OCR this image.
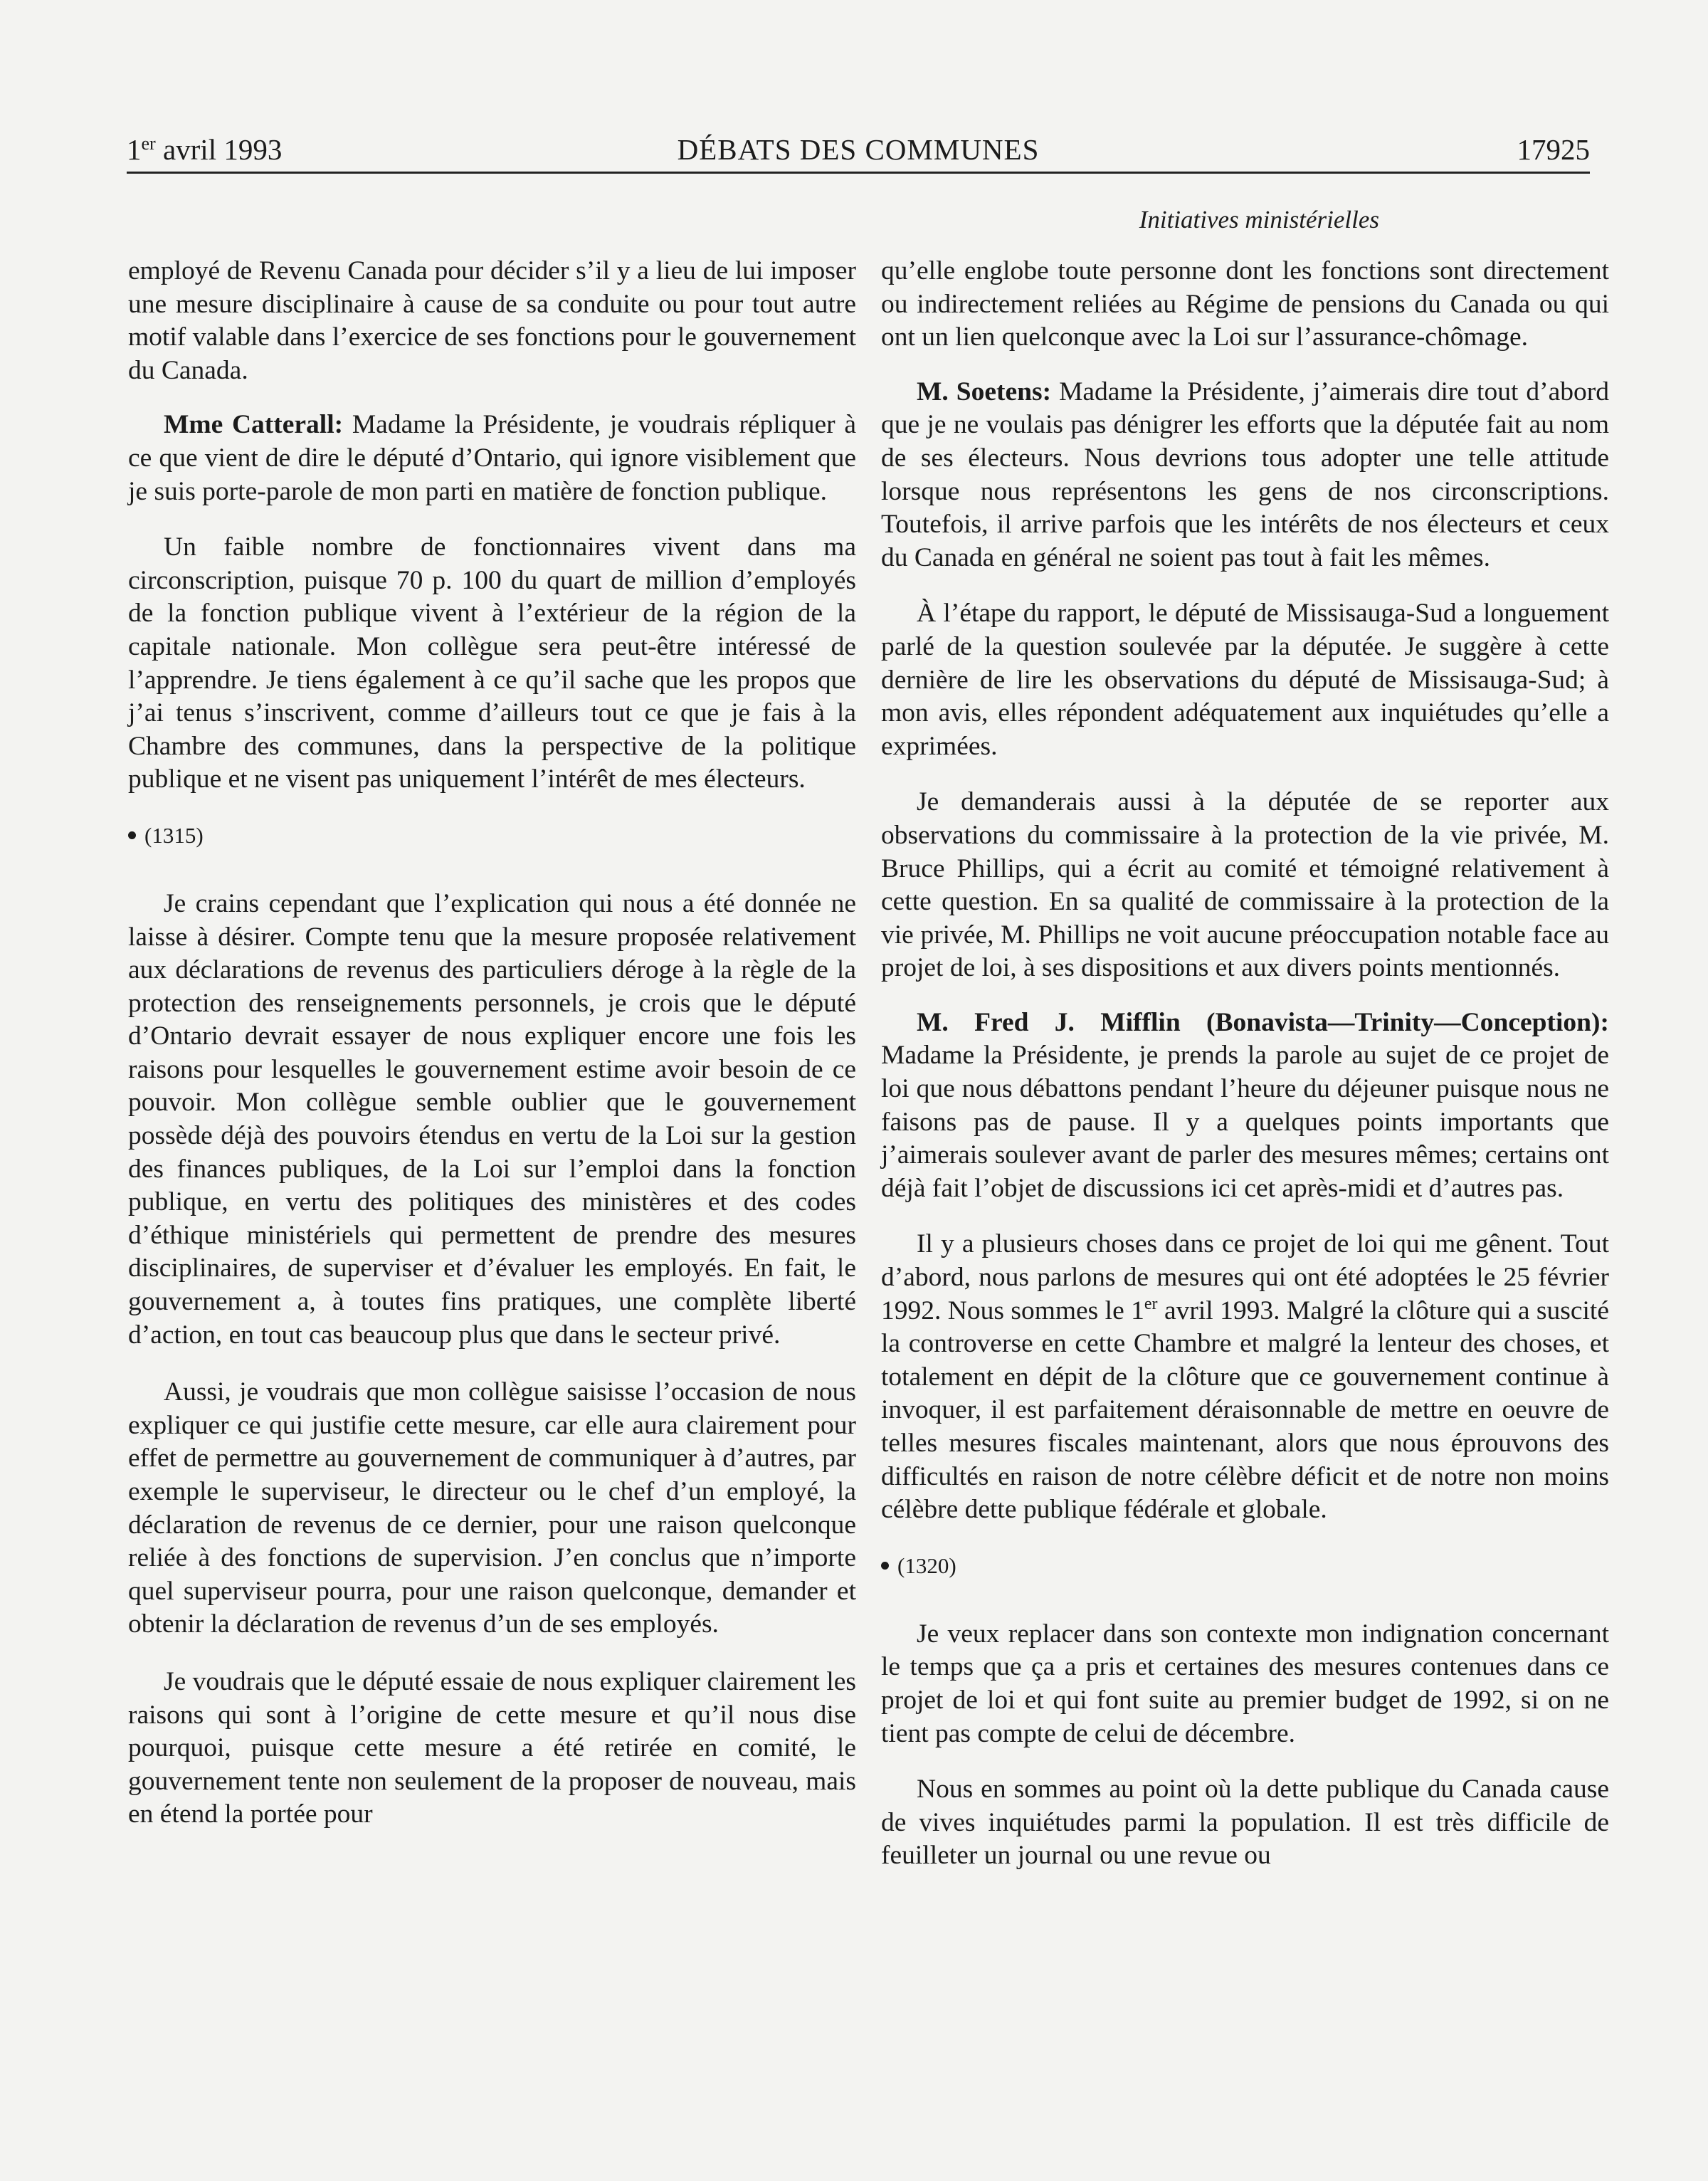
1er avril 1993	DÉBATS DES COMMUNES	17925
Initiatives ministérielles

employé de Revenu Canada pour décider s’il y a lieu de lui imposer une mesure disciplinaire à cause de sa conduite ou pour tout autre motif valable dans l’exercice de ses fonctions pour le gouvernement du Canada.

Mme Catterall: Madame la Présidente, je voudrais répliquer à ce que vient de dire le député d’Ontario, qui ignore visiblement que je suis porte-parole de mon parti en matière de fonction publique.

Un faible nombre de fonctionnaires vivent dans ma circonscription, puisque 70 p. 100 du quart de million d’employés de la fonction publique vivent à l’extérieur de la région de la capitale nationale. Mon collègue sera peut-être intéressé de l’apprendre. Je tiens également à ce qu’il sache que les propos que j’ai tenus s’inscrivent, comme d’ailleurs tout ce que je fais à la Chambre des communes, dans la perspective de la politique publique et ne visent pas uniquement l’intérêt de mes électeurs.

(1315)

Je crains cependant que l’explication qui nous a été donnée ne laisse à désirer. Compte tenu que la mesure proposée relativement aux déclarations de revenus des particuliers déroge à la règle de la protection des renseignements personnels, je crois que le député d’Ontario devrait essayer de nous expliquer encore une fois les raisons pour lesquelles le gouvernement estime avoir besoin de ce pouvoir. Mon collègue semble oublier que le gouvernement possède déjà des pouvoirs étendus en vertu de la Loi sur la gestion des finances publiques, de la Loi sur l’emploi dans la fonction publique, en vertu des politiques des ministères et des codes d’éthique ministériels qui permettent de prendre des mesures disciplinaires, de superviser et d’évaluer les employés. En fait, le gouvernement a, à toutes fins pratiques, une complète liberté d’action, en tout cas beaucoup plus que dans le secteur privé.

Aussi, je voudrais que mon collègue saisisse l’occasion de nous expliquer ce qui justifie cette mesure, car elle aura clairement pour effet de permettre au gouvernement de communiquer à d’autres, par exemple le superviseur, le directeur ou le chef d’un employé, la déclaration de revenus de ce dernier, pour une raison quelconque reliée à des fonctions de supervision. J’en conclus que n’importe quel superviseur pourra, pour une raison quelconque, demander et obtenir la déclaration de revenus d’un de ses employés.

Je voudrais que le député essaie de nous expliquer clairement les raisons qui sont à l’origine de cette mesure et qu’il nous dise pourquoi, puisque cette mesure a été retirée en comité, le gouvernement tente non seulement de la proposer de nouveau, mais en étend la portée pour

qu’elle englobe toute personne dont les fonctions sont directement ou indirectement reliées au Régime de pensions du Canada ou qui ont un lien quelconque avec la Loi sur l’assurance-chômage.

M. Soetens: Madame la Présidente, j’aimerais dire tout d’abord que je ne voulais pas dénigrer les efforts que la députée fait au nom de ses électeurs. Nous devrions tous adopter une telle attitude lorsque nous représentons les gens de nos circonscriptions. Toutefois, il arrive parfois que les intérêts de nos électeurs et ceux du Canada en général ne soient pas tout à fait les mêmes.

À l’étape du rapport, le député de Missisauga-Sud a longuement parlé de la question soulevée par la députée. Je suggère à cette dernière de lire les observations du député de Missisauga-Sud; à mon avis, elles répondent adéquatement aux inquiétudes qu’elle a exprimées.

Je demanderais aussi à la députée de se reporter aux observations du commissaire à la protection de la vie privée, M. Bruce Phillips, qui a écrit au comité et témoigné relativement à cette question. En sa qualité de commissaire à la protection de la vie privée, M. Phillips ne voit aucune préoccupation notable face au projet de loi, à ses dispositions et aux divers points mentionnés.

M. Fred J. Mifflin (Bonavista—Trinity—Conception): Madame la Présidente, je prends la parole au sujet de ce projet de loi que nous débattons pendant l’heure du déjeuner puisque nous ne faisons pas de pause. Il y a quelques points importants que j’aimerais soulever avant de parler des mesures mêmes; certains ont déjà fait l’objet de discussions ici cet après-midi et d’autres pas.

Il y a plusieurs choses dans ce projet de loi qui me gênent. Tout d’abord, nous parlons de mesures qui ont été adoptées le 25 février 1992. Nous sommes le 1er avril 1993. Malgré la clôture qui a suscité la controverse en cette Chambre et malgré la lenteur des choses, et totalement en dépit de la clôture que ce gouvernement continue à invoquer, il est parfaitement déraisonnable de mettre en oeuvre de telles mesures fiscales maintenant, alors que nous éprouvons des difficultés en raison de notre célèbre déficit et de notre non moins célèbre dette publique fédérale et globale.

(1320)

Je veux replacer dans son contexte mon indignation concernant le temps que ça a pris et certaines des mesures contenues dans ce projet de loi et qui font suite au premier budget de 1992, si on ne tient pas compte de celui de décembre.

Nous en sommes au point où la dette publique du Canada cause de vives inquiétudes parmi la population. Il est très difficile de feuilleter un journal ou une revue ou
